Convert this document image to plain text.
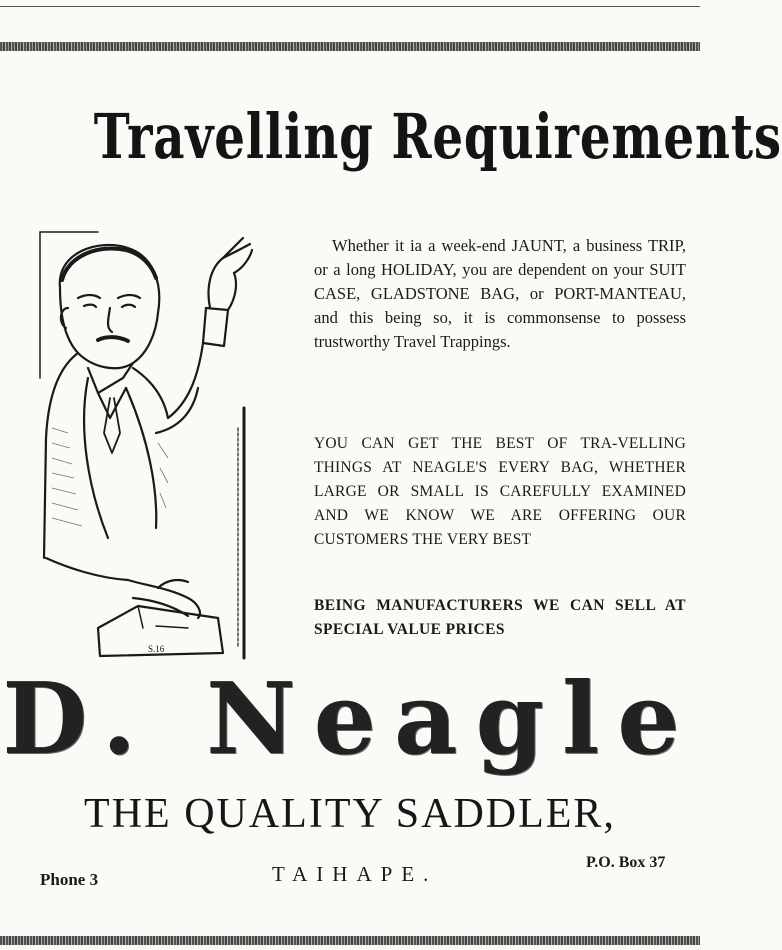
Travelling Requirements
S.16

Whether it ia a week-end JAUNT, a business TRIP, or a long HOLIDAY, you are dependent on your SUIT CASE, GLADSTONE BAG, or PORT-MANTEAU, and this being so, it is commonsense to possess trustworthy Travel Trappings.

YOU CAN GET THE BEST OF TRA-VELLING THINGS AT NEAGLE'S EVERY BAG, WHETHER LARGE OR SMALL IS CAREFULLY EXAMINED AND WE KNOW WE ARE OFFERING OUR CUSTOMERS THE VERY BEST

BEING MANUFACTURERS WE CAN SELL AT SPECIAL VALUE PRICES

D. Neagle
THE QUALITY SADDLER,
Phone 3	TAIHAPE.	P.O. Box 37
